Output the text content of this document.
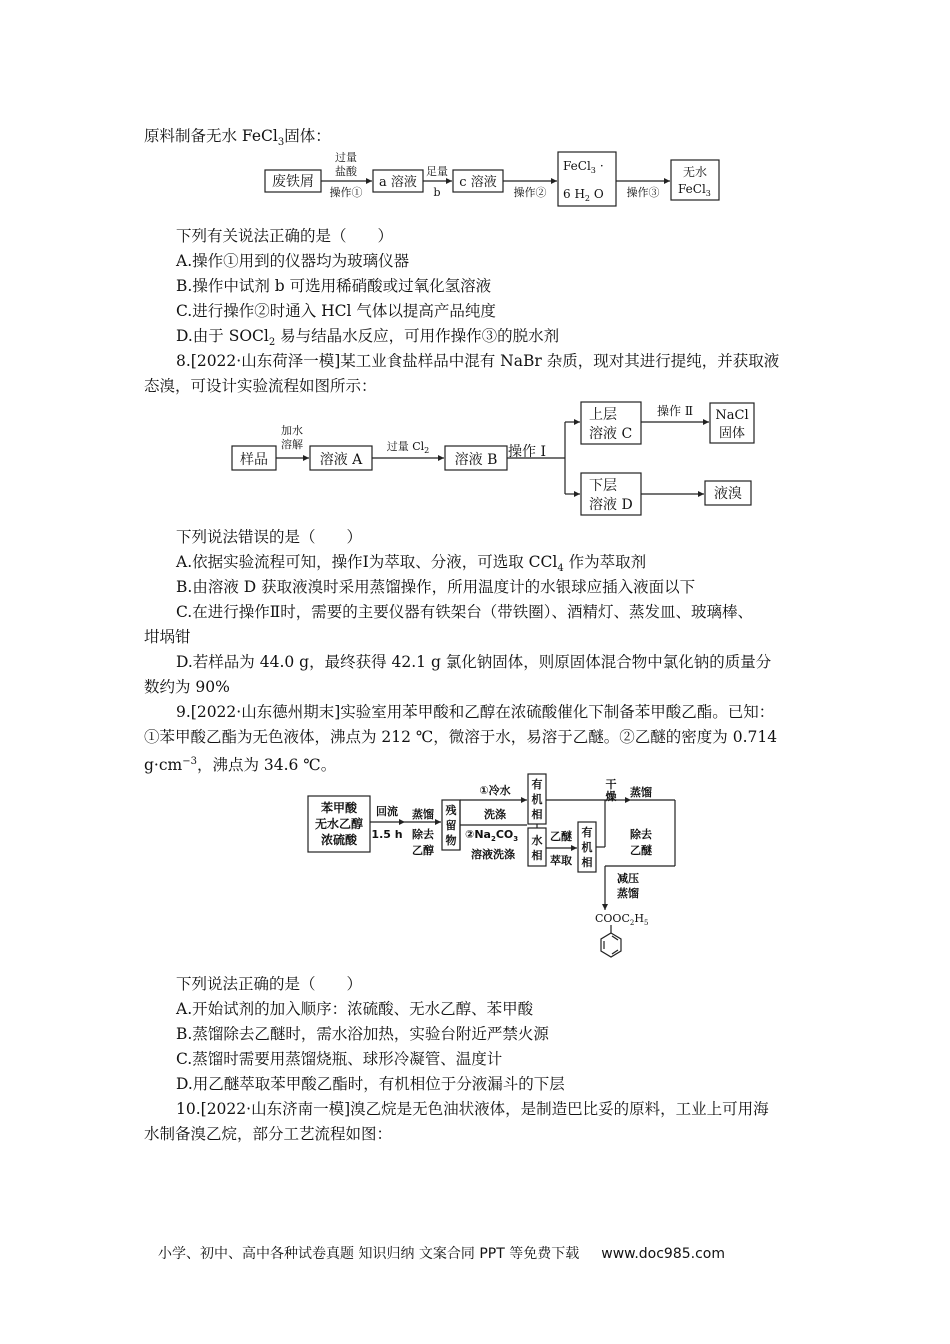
原料制备无水 FeCl$_3$固体：
废铁屑
过量
盐酸
操作①
a 溶液
足量
b
c 溶液
操作②
FeCl$_3$ ·
6 $H_2$ O 操作③
无水
FeCl$_3$
下列有关说法正确的是（　　）
A.操作①用到的仪器均为玻璃仪器
B.操作中试剂 b 可选用稀硝酸或过氧化氢溶液
C.进行操作②时通入 HCl 气体以提高产品纯度
D.由于 SOCl$_2$ 易与结晶水反应，可用作操作③的脱水剂
8.[2022·山东荷泽一模]某工业食盐样品中混有 NaBr 杂质，现对其进行提纯，并获取液
态溴，可设计实验流程如图所示：
样品
加水
溶解
溶液 A
过量 $Cl_2$
溶液 B 操作 Ⅰ
上层
溶液 C
操作 Ⅱ NaCl
固体
下层
溶液 D
液溴
下列说法错误的是（　　）
A.依据实验流程可知，操作Ⅰ为萃取、分液，可选取 CCl$_4$ 作为萃取剂
B.由溶液 D 获取液溴时采用蒸馏操作，所用温度计的水银球应插入液面以下
C.在进行操作Ⅱ时，需要的主要仪器有铁架台（带铁圈）、酒精灯、蒸发皿、玻璃棒、
坩埚钳
D.若样品为 44.0 g，最终获得 42.1 g 氯化钠固体，则原固体混合物中氯化钠的质量分
数约为 90%
9.[2022·山东德州期末]实验室用苯甲酸和乙醇在浓硫酸催化下制备苯甲酸乙酯。已知：
①苯甲酸乙酯为无色液体，沸点为 212 ℃，微溶于水，易溶于乙醚。②乙醚的密度为 0.714
$g\cdot cm^{-3}$，沸点为 34.6 ℃。
苯甲酸
无水乙醇
浓硫酸
回流
1.5 h
蒸馏
除去
乙醇
残
留
物
①冷水
洗涤
$②Na_2CO_3$
溶液洗涤
有
机
相
水
相
乙醚
萃取
有
机
相
干
燥 蒸馏
除去
乙醚
减压
蒸馏
$COOC_2H_5$
下列说法正确的是（　　）
A.开始试剂的加入顺序：浓硫酸、无水乙醇、苯甲酸
B.蒸馏除去乙醚时，需水浴加热，实验台附近严禁火源
C.蒸馏时需要用蒸馏烧瓶、球形冷凝管、温度计
D.用乙醚萃取苯甲酸乙酯时，有机相位于分液漏斗的下层
10.[2022·山东济南一模]溴乙烷是无色油状液体，是制造巴比妥的原料，工业上可用海
水制备溴乙烷，部分工艺流程如图：
小学、初中、高中各种试卷真题 知识归纳 文案合同 PPT 等免费下载 www.doc985.com
